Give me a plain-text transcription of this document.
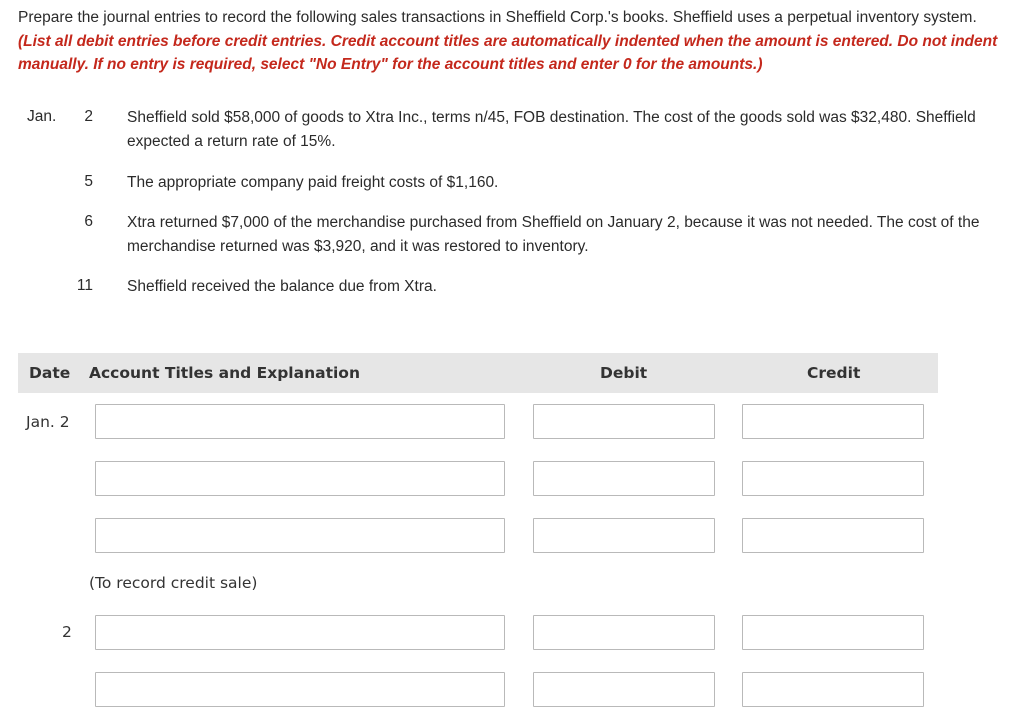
Prepare the journal entries to record the following sales transactions in Sheffield Corp.'s books. Sheffield uses a perpetual inventory system. (List all debit entries before credit entries. Credit account titles are automatically indented when the amount is entered. Do not indent manually. If no entry is required, select "No Entry" for the account titles and enter 0 for the amounts.)
Jan.	2 Sheffield sold $58,000 of goods to Xtra Inc., terms n/45, FOB destination. The cost of the goods sold was $32,480. Sheffield expected a return rate of 15%.
5 The appropriate company paid freight costs of $1,160.
6 Xtra returned $7,000 of the merchandise purchased from Sheffield on January 2, because it was not needed. The cost of the merchandise returned was $3,920, and it was restored to inventory.
11 Sheffield received the balance due from Xtra.
Date Account Titles and Explanation	Debit	Credit
Jan. 2
(To record credit sale)
2
